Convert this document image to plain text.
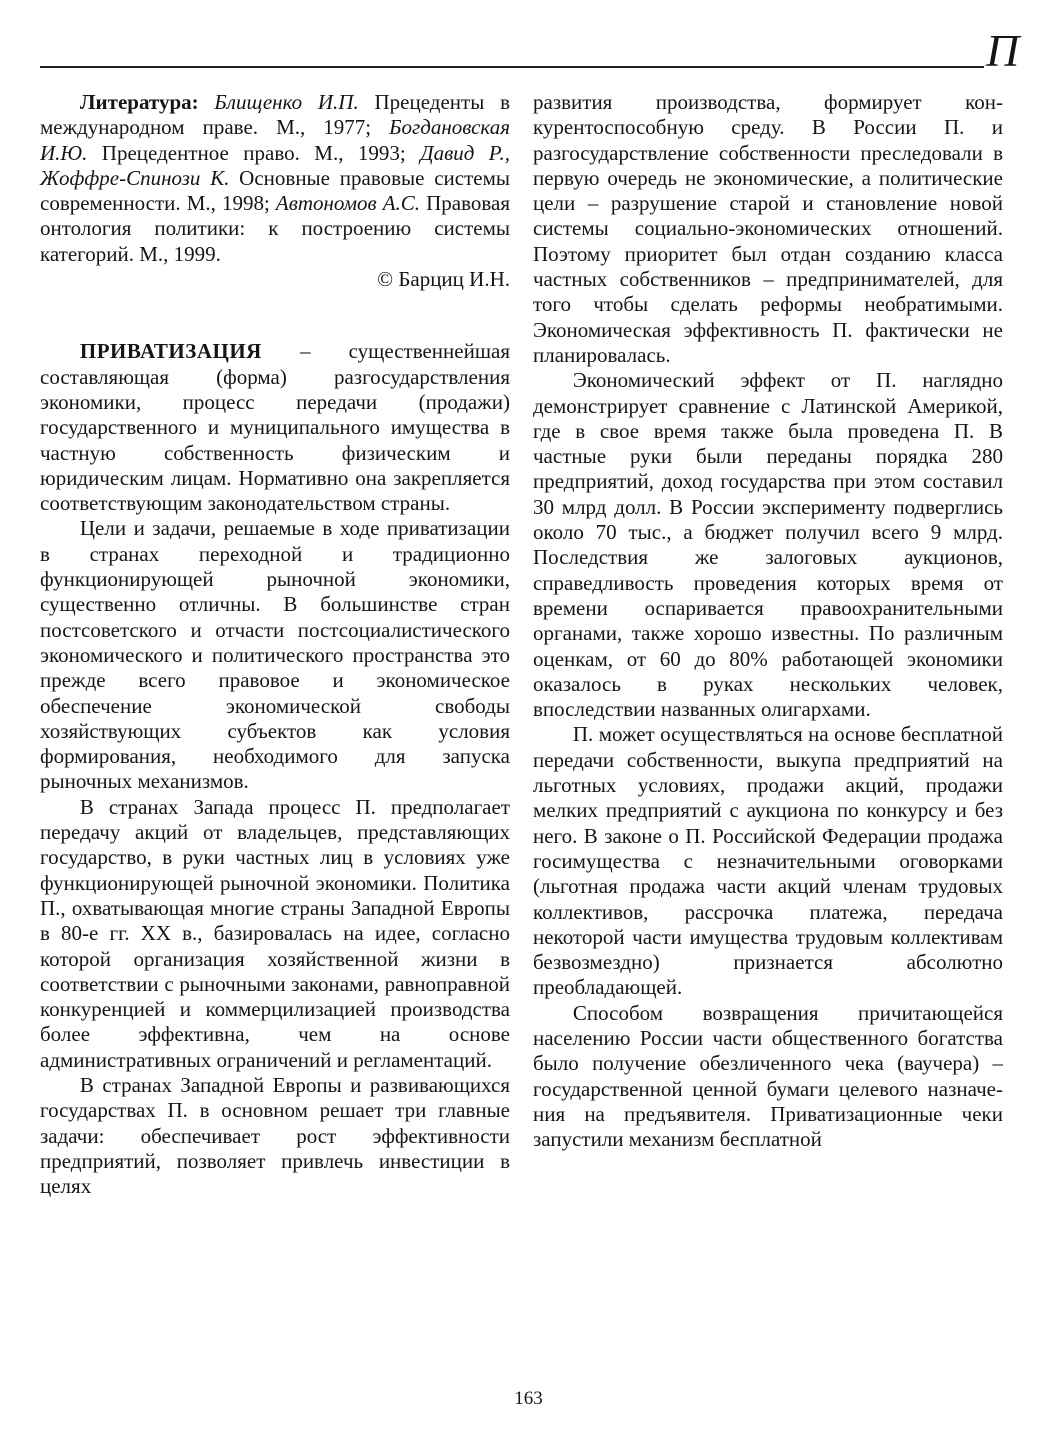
П

Литература: Блищенко И.П. Прецеденты в международном праве. М., 1977; Богдановская И.Ю. Прецедентное право. М., 1993; Давид Р., Жоффре-Спинози К. Основные правовые системы современности. М., 1998; Автономов А.С. Правовая онтология политики: к построению системы категорий. М., 1999.

© Барциц И.Н.

ПРИВАТИЗАЦИЯ – существеннейшая составляющая (форма) разгосударствления экономики, процесс передачи (продажи) государственного и муниципального имущества в частную собственность физическим и юридическим лицам. Нормативно она закрепляется соответствующим законодательством страны.

Цели и задачи, решаемые в ходе приватизации в странах переходной и традиционно функционирующей рыночной экономики, существенно отличны. В большинстве стран постсоветского и отчасти постсоциалистического экономического и политического пространства это прежде всего правовое и экономическое обеспечение экономической свободы хозяйствующих субъектов как условия формирования, необходимого для запуска рыночных механизмов.

В странах Запада процесс П. предполагает передачу акций от владельцев, представляющих государство, в руки частных лиц в условиях уже функционирующей рыночной экономики. Политика П., охватывающая многие страны Западной Европы в 80-е гг. XX в., базировалась на идее, согласно которой организация хозяйственной жизни в соответствии с рыночными законами, равноправной конкуренцией и коммерцилизацией производства более эффективна, чем на основе административных ограничений и регламентаций.

В странах Западной Европы и развивающихся государствах П. в основном решает три главные задачи: обеспечивает рост эффективности предприятий, позволяет привлечь инвестиции в целях

развития производства, формирует конкурентоспособную среду. В России П. и разгосударствление собственности преследовали в первую очередь не экономические, а политические цели – разрушение старой и становление новой системы социально-экономических отношений. Поэтому приоритет был отдан созданию класса частных собственников – предпринимателей, для того чтобы сделать реформы необратимыми. Экономическая эффективность П. фактически не планировалась.

Экономический эффект от П. наглядно демонстрирует сравнение с Латинской Америкой, где в свое время также была проведена П. В частные руки были переданы порядка 280 предприятий, доход государства при этом составил 30 млрд долл. В России эксперименту подверглись около 70 тыс., а бюджет получил всего 9 млрд. Последствия же залоговых аукционов, справедливость проведения которых время от времени оспаривается правоохранительными органами, также хорошо известны. По различным оценкам, от 60 до 80% работающей экономики оказалось в руках нескольких человек, впоследствии названных олигархами.

П. может осуществляться на основе бесплатной передачи собственности, выкупа предприятий на льготных условиях, продажи акций, продажи мелких предприятий с аукциона по конкурсу и без него. В законе о П. Российской Федерации продажа госимущества с незначительными оговорками (льготная продажа части акций членам трудовых коллективов, рассрочка платежа, передача некоторой части имущества трудовым коллективам безвозмездно) признается абсолютно преобладающей.

Способом возвращения причитающейся населению России части общественного богатства было получение обезличенного чека (ваучера) – государственной ценной бумаги целевого назначения на предъявителя. Приватизационные чеки запустили механизм бесплатной

163
